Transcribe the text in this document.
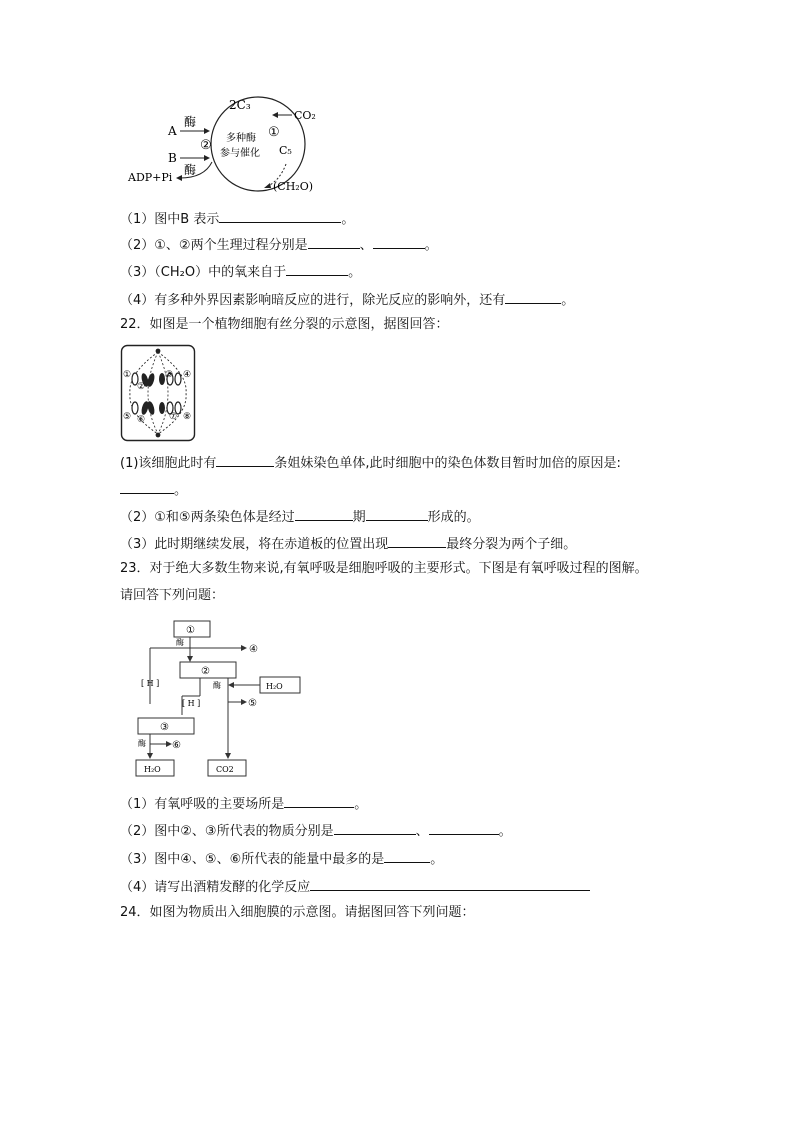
2C₃
CO₂
①
②	C₅
多种酶
参与催化
A
酶
B
酶
ADP+Pi
(CH₂O)
（1）图中B 表示	。
（2）①、②两个生理过程分别是	、	。
（3）（CH₂O）中的氧来自于	。
（4）有多种外界因素影响暗反应的进行，除光反应的影响外，还有	。
22．如图是一个植物细胞有丝分裂的示意图，据图回答：
①
②
③ ④
⑤ ⑥	⑦ ⑧
(1)该细胞此时有	条姐妹染色单体,此时细胞中的染色体数目暂时加倍的原因是:
。
（2）①和⑤两条染色体是经过	期	形成的。
（3）此时期继续发展，将在赤道板的位置出现	最终分裂为两个子细。
23．对于绝大多数生物来说,有氧呼吸是细胞呼吸的主要形式。下图是有氧呼吸过程的图解。
请回答下列问题：
①
酶
④
[ H ]
②
酶	H₂O
⑤
[ H ]
③
酶	⑥
H₂O	CO2
（1）有氧呼吸的主要场所是	。
（2）图中②、③所代表的物质分别是	、	。
（3）图中④、⑤、⑥所代表的能量中最多的是	。
（4）请写出酒精发酵的化学反应
24．如图为物质出入细胞膜的示意图。请据图回答下列问题：
